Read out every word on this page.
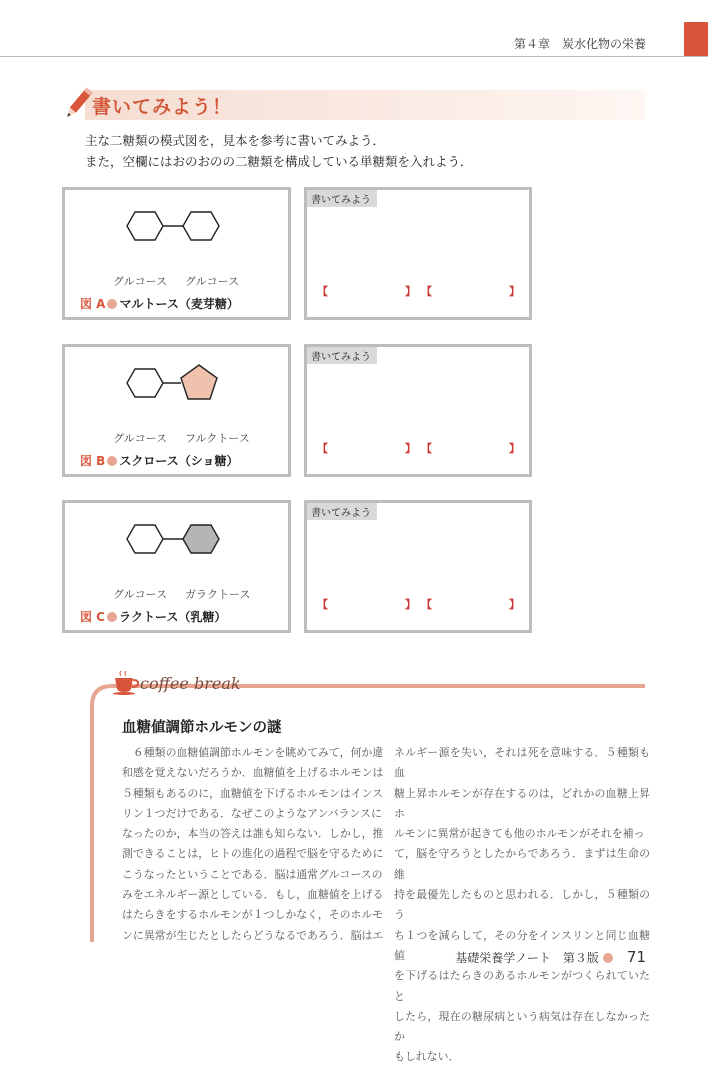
第４章　炭水化物の栄養
書いてみよう！
主な二糖類の模式図を，見本を参考に書いてみよう．
また，空欄にはおのおのの二糖類を構成している単糖類を入れよう．
グルコース グルコース
図 A マルトース（麦芽糖）
書いてみよう
【　　　　　　　】 【　　　　　　　】
グルコース フルクトース
図 B スクロース（ショ糖）
書いてみよう
【　　　　　　　】 【　　　　　　　】
グルコース ガラクトース
図 C ラクトース（乳糖）
書いてみよう
【　　　　　　　】 【　　　　　　　】
coffee break
血糖値調節ホルモンの謎
　６種類の血糖値調節ホルモンを眺めてみて，何か違
和感を覚えないだろうか．血糖値を上げるホルモンは
５種類もあるのに，血糖値を下げるホルモンはインス
リン１つだけである．なぜこのようなアンバランスに
なったのか，本当の答えは誰も知らない．しかし，推
測できることは，ヒトの進化の過程で脳を守るために
こうなったということである．脳は通常グルコースの
みをエネルギー源としている．もし，血糖値を上げる
はたらきをするホルモンが１つしかなく，そのホルモ
ンに異常が生じたとしたらどうなるであろう．脳はエ
ネルギー源を失い，それは死を意味する．５種類も血
糖上昇ホルモンが存在するのは，どれかの血糖上昇ホ
ルモンに異常が起きても他のホルモンがそれを補っ
て，脳を守ろうとしたからであろう．まずは生命の維
持を最優先したものと思われる．しかし，５種類のう
ち１つを減らして，その分をインスリンと同じ血糖値
を下げるはたらきのあるホルモンがつくられていたと
したら，現在の糖尿病という病気は存在しなかったか
もしれない．
基礎栄養学ノート　第３版 71
